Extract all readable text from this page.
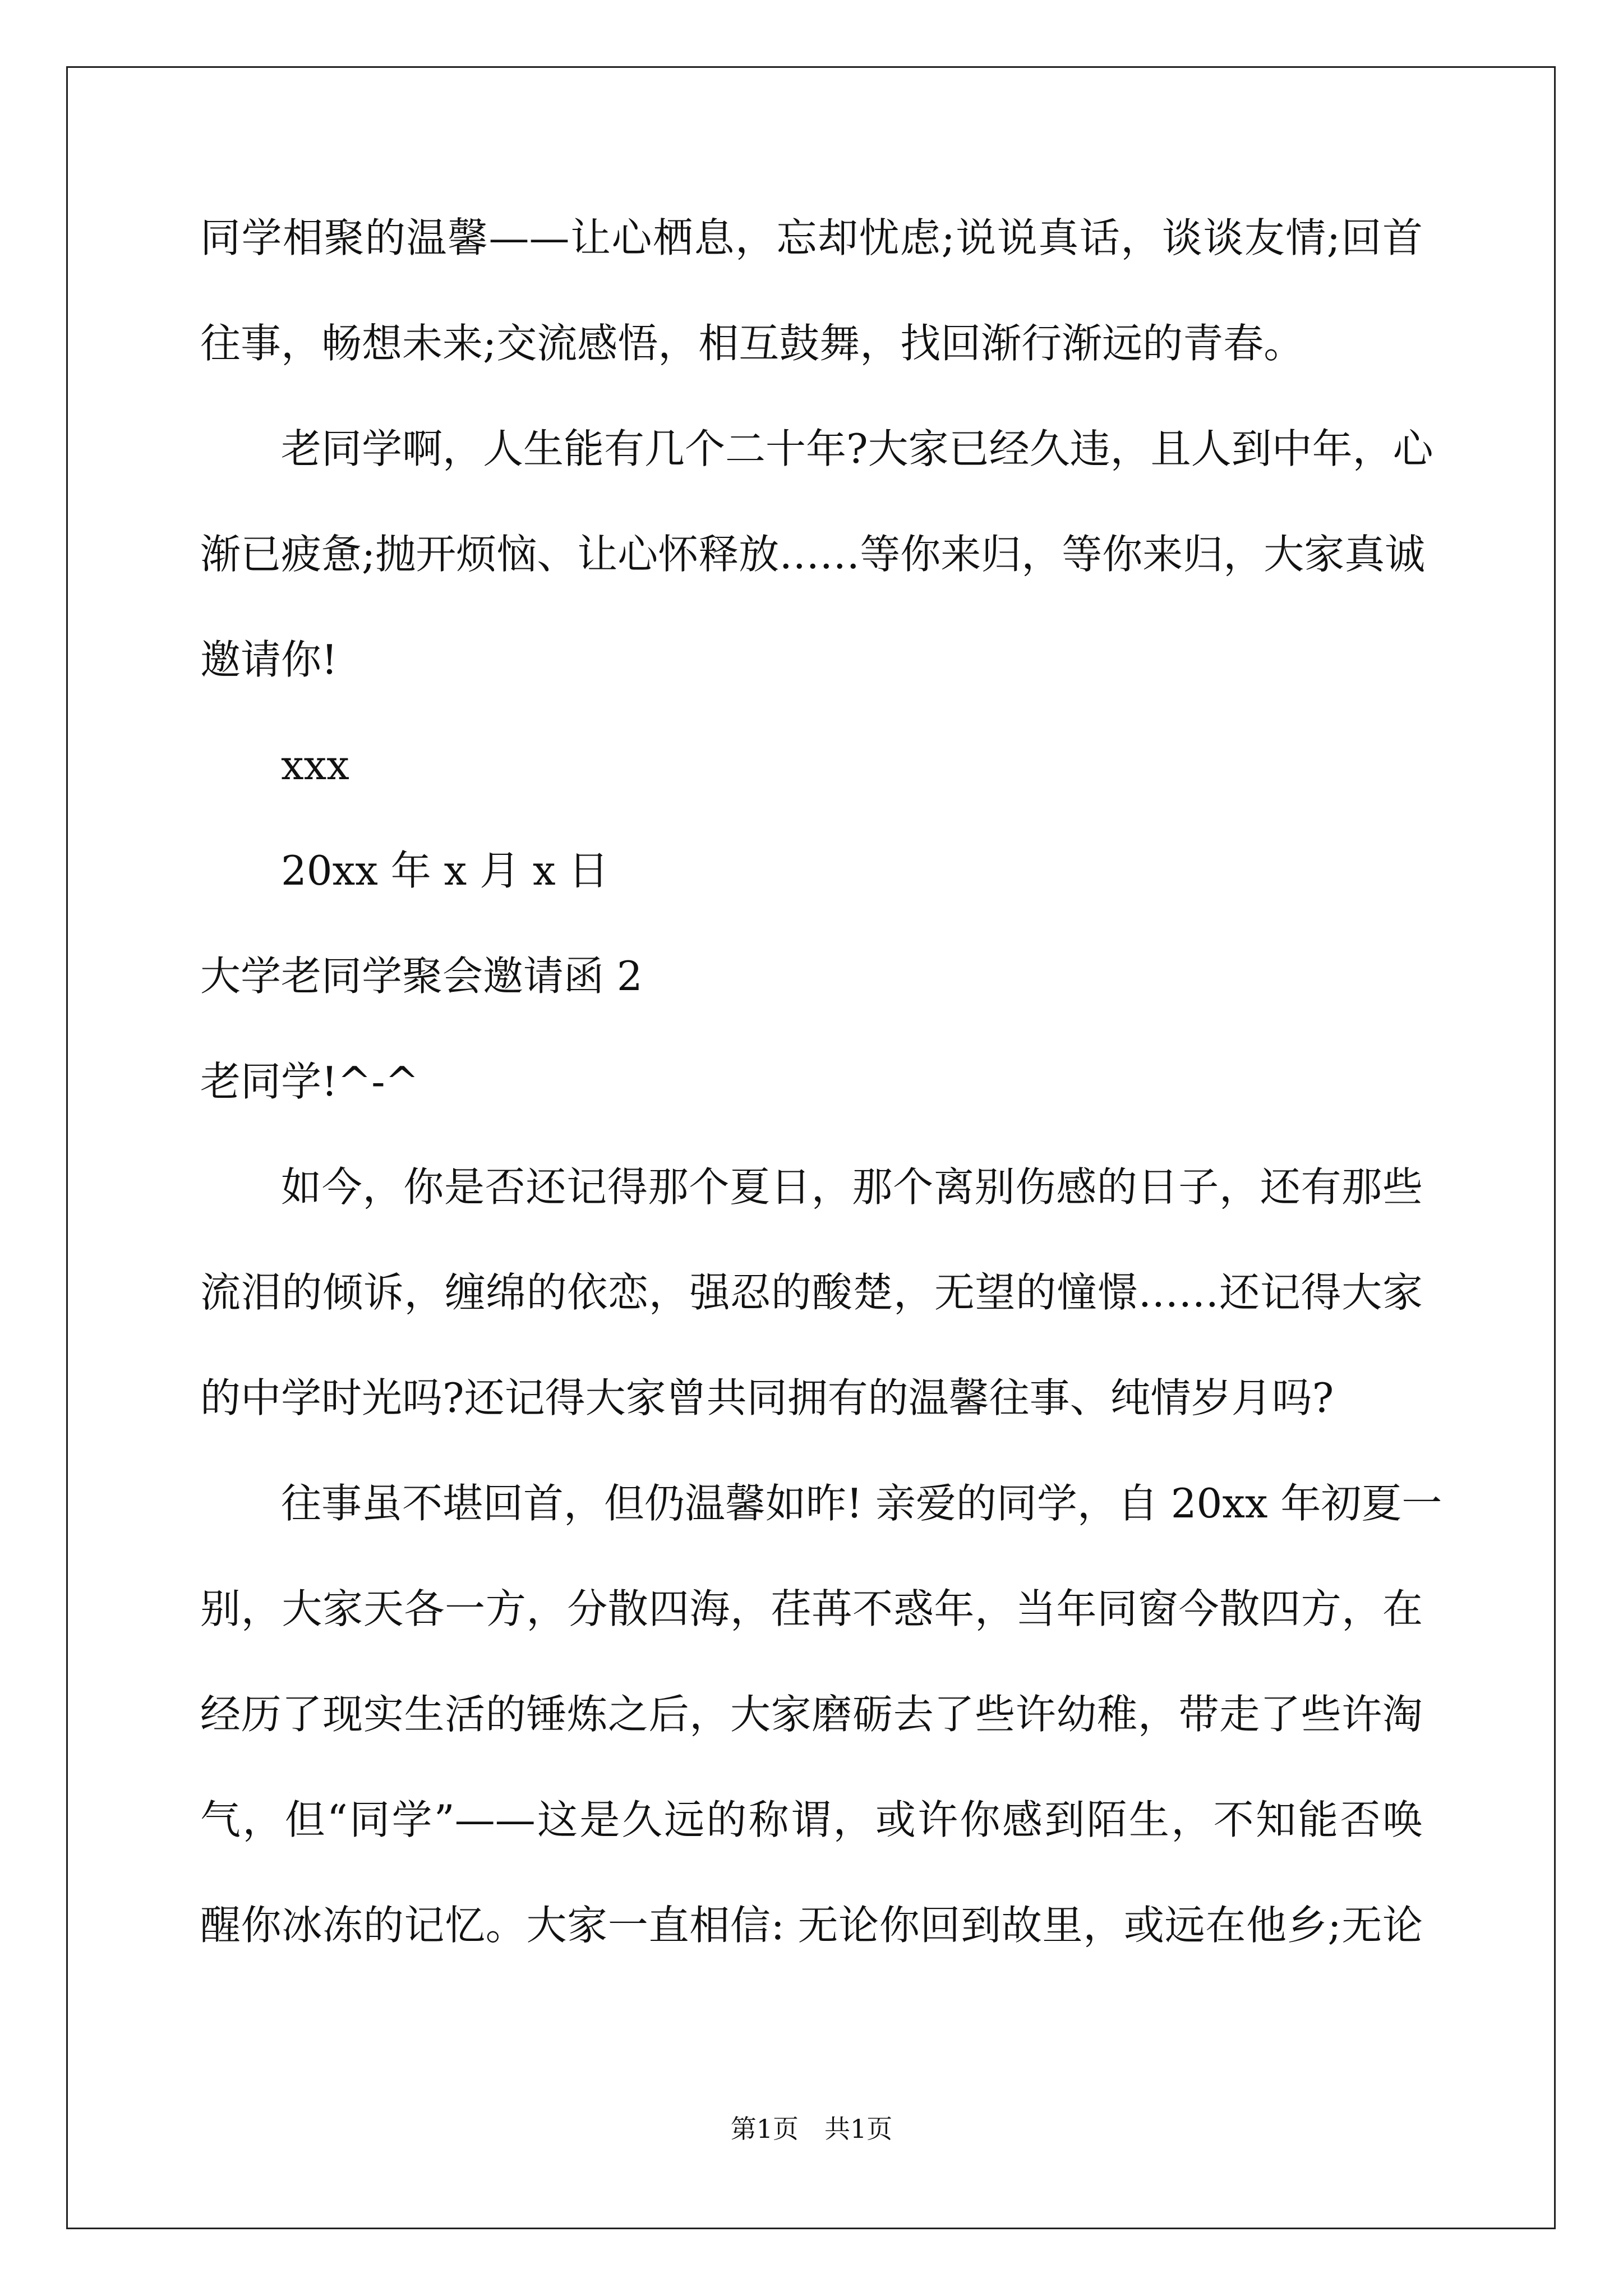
同学相聚的温馨——让心栖息，忘却忧虑;说说真话，谈谈友情;回首

往事，畅想未来;交流感悟，相互鼓舞，找回渐行渐远的青春。

老同学啊，人生能有几个二十年?大家已经久违，且人到中年，心

渐已疲惫;抛开烦恼、让心怀释放……等你来归，等你来归，大家真诚

邀请你!

xxx

20xx 年 x 月 x 日

大学老同学聚会邀请函 2

老同学!^-^

如今，你是否还记得那个夏日，那个离别伤感的日子，还有那些

流泪的倾诉，缠绵的依恋，强忍的酸楚，无望的憧憬……还记得大家

的中学时光吗?还记得大家曾共同拥有的温馨往事、纯情岁月吗?

往事虽不堪回首，但仍温馨如昨! 亲爱的同学，自 20xx 年初夏一

别，大家天各一方，分散四海，荏苒不惑年，当年同窗今散四方，在

经历了现实生活的锤炼之后，大家磨砺去了些许幼稚，带走了些许淘

气，但“同学”——这是久远的称谓，或许你感到陌生，不知能否唤

醒你冰冻的记忆。大家一直相信: 无论你回到故里，或远在他乡;无论

第1页 共1页
